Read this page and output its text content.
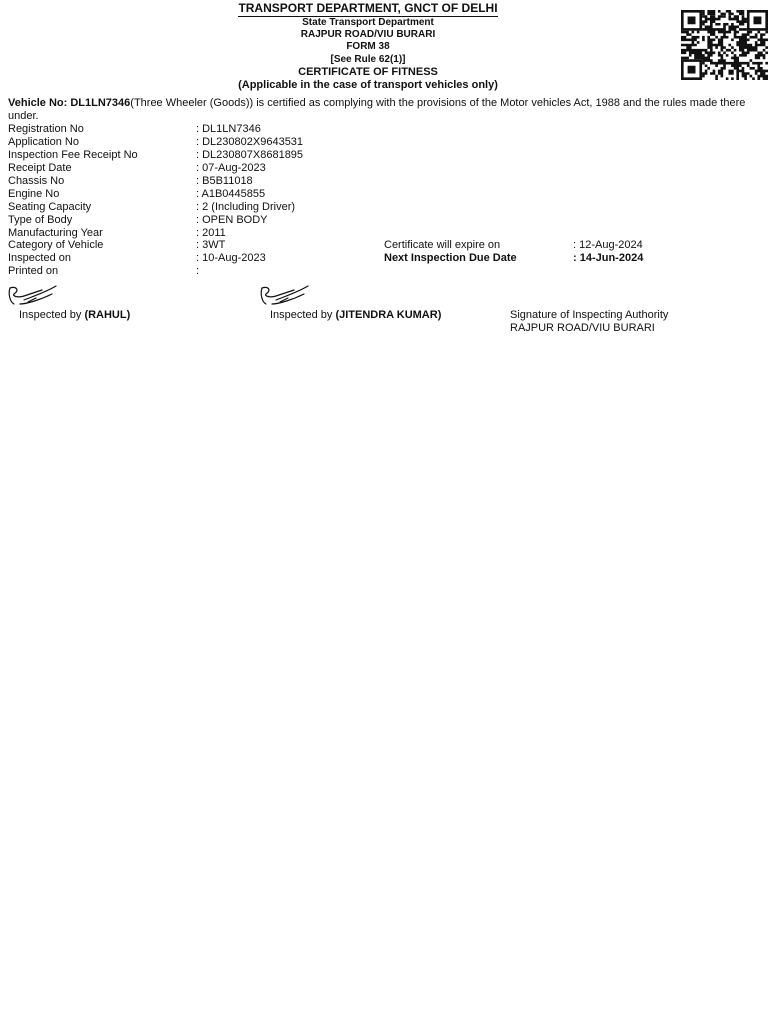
TRANSPORT DEPARTMENT, GNCT OF DELHI
State Transport Department
RAJPUR ROAD/VIU BURARI
FORM 38
[See Rule 62(1)]
CERTIFICATE OF FITNESS
(Applicable in the case of transport vehicles only)
Vehicle No: DL1LN7346(Three Wheeler (Goods)) is certified as complying with the provisions of the Motor vehicles Act, 1988 and the rules made there under.
Registration No	: DL1LN7346
Application No	: DL230802X9643531
Inspection Fee Receipt No	: DL230807X8681895
Receipt Date	: 07-Aug-2023
Chassis No	: B5B11018
Engine No	: A1B0445855
Seating Capacity	: 2 (Including Driver)
Type of Body	: OPEN BODY
Manufacturing Year	: 2011
Category of Vehicle	: 3WT	Certificate will expire on	: 12-Aug-2024
Inspected on	: 10-Aug-2023	Next Inspection Due Date	: 14-Jun-2024
Printed on	:
Inspected by (RAHUL)	Inspected by (JITENDRA KUMAR)	Signature of Inspecting Authority
RAJPUR ROAD/VIU BURARI
